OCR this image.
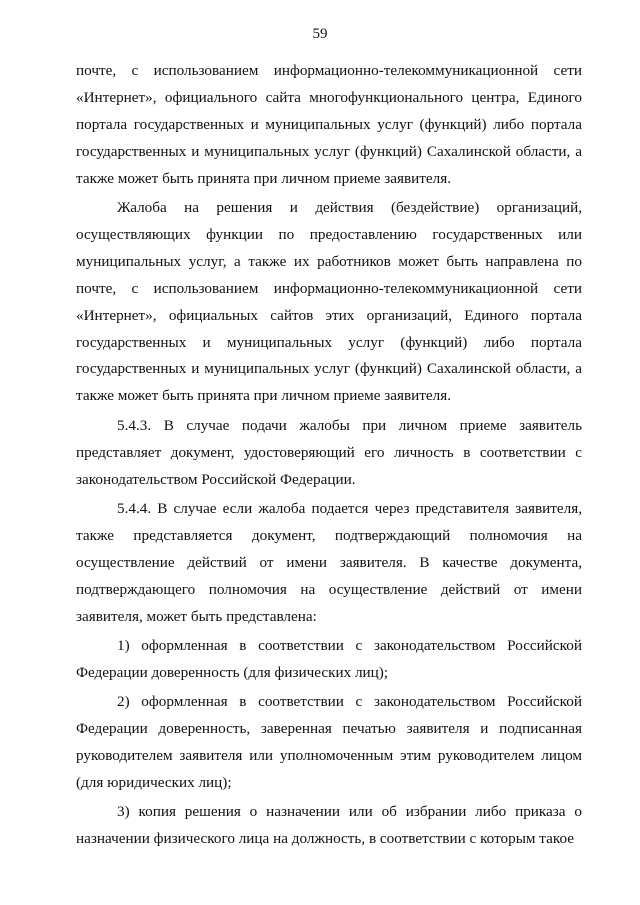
59

почте, с использованием информационно-телекоммуникационной сети «Интернет», официального сайта многофункционального центра, Единого портала государственных и муниципальных услуг (функций) либо портала государственных и муниципальных услуг (функций) Сахалинской области, а также может быть принята при личном приеме заявителя.

Жалоба на решения и действия (бездействие) организаций, осуществляющих функции по предоставлению государственных или муниципальных услуг, а также их работников может быть направлена по почте, с использованием информационно-телекоммуникационной сети «Интернет», официальных сайтов этих организаций, Единого портала государственных и муниципальных услуг (функций) либо портала государственных и муниципальных услуг (функций) Сахалинской области, а также может быть принята при личном приеме заявителя.

5.4.3. В случае подачи жалобы при личном приеме заявитель представляет документ, удостоверяющий его личность в соответствии с законодательством Российской Федерации.

5.4.4. В случае если жалоба подается через представителя заявителя, также представляется документ, подтверждающий полномочия на осуществление действий от имени заявителя. В качестве документа, подтверждающего полномочия на осуществление действий от имени заявителя, может быть представлена:

1) оформленная в соответствии с законодательством Российской Федерации доверенность (для физических лиц);

2) оформленная в соответствии с законодательством Российской Федерации доверенность, заверенная печатью заявителя и подписанная руководителем заявителя или уполномоченным этим руководителем лицом (для юридических лиц);

3) копия решения о назначении или об избрании либо приказа о назначении физического лица на должность, в соответствии с которым такое
